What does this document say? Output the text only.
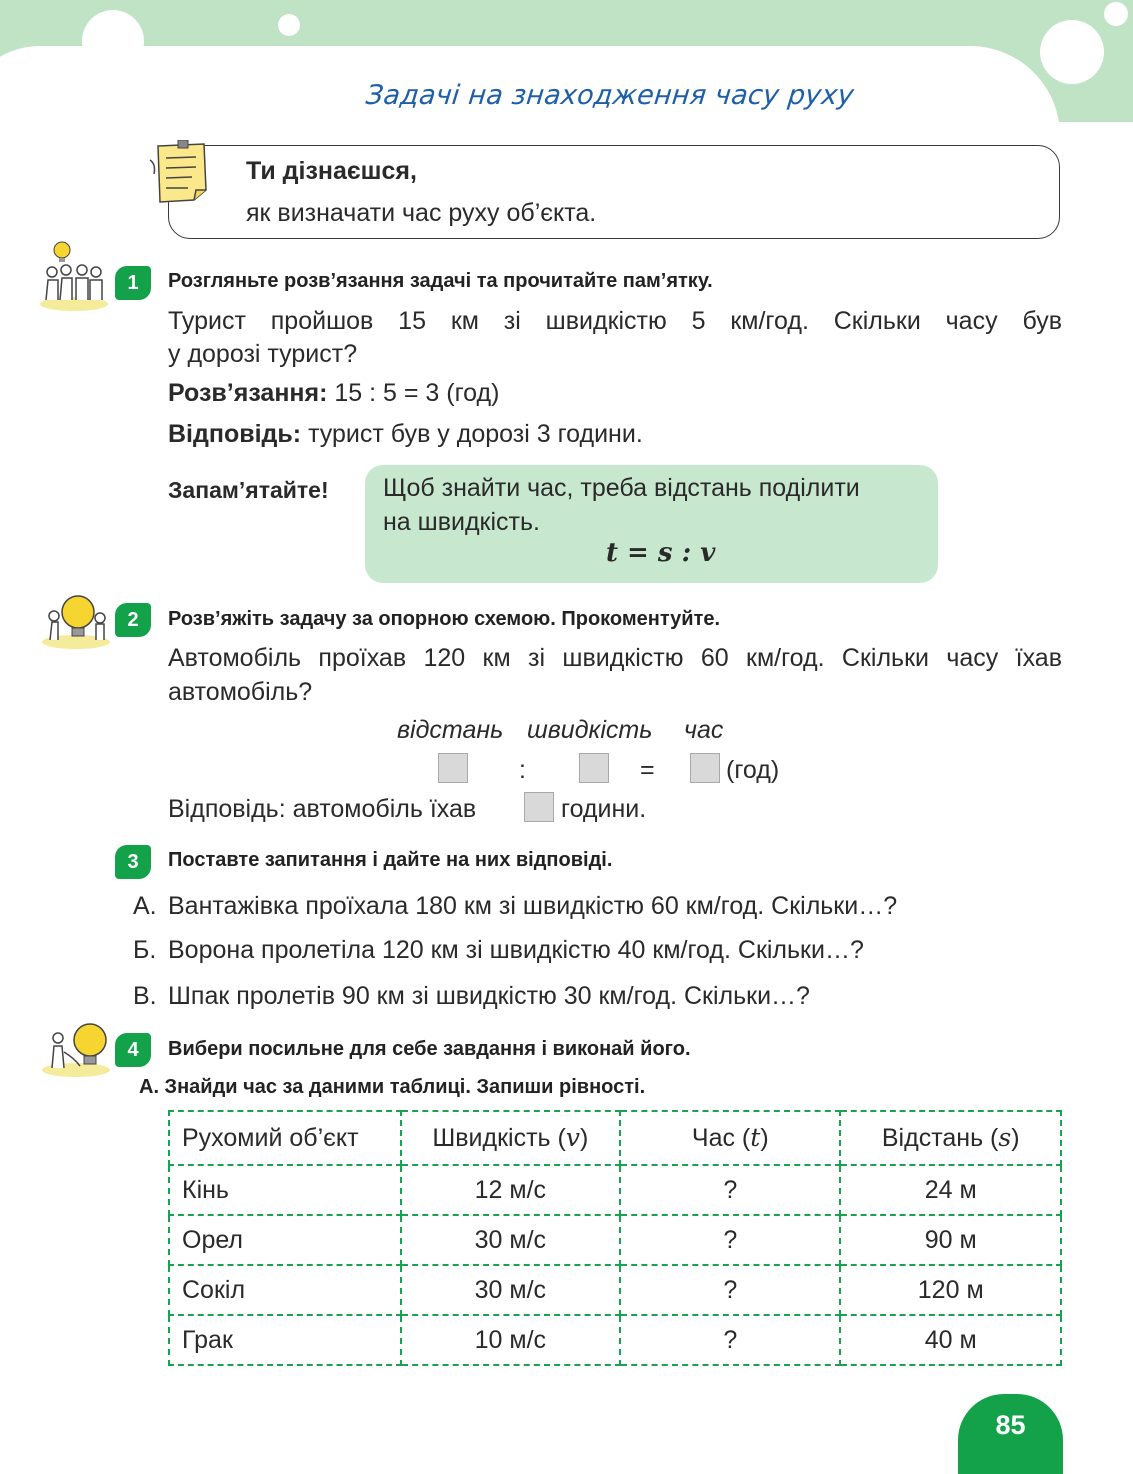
Задачі на знаходження часу руху
Ти дізнаєшся,
як визначати час руху об’єкта.
1	Розгляньте розв’язання задачі та прочитайте пам’ятку.
Турист пройшов 15 км зі швидкістю 5 км/год. Скільки часу був
у дорозі турист?
Розв’язання: 15 : 5 = 3 (год)
Відповідь: турист був у дорозі 3 години.
Запам’ятайте! Щоб знайти час, треба відстань поділити
на швидкість.
t = s : v
2	Розв’яжіть задачу за опорною схемою. Прокоментуйте.
Автомобіль проїхав 120 км зі швидкістю 60 км/год. Скільки часу їхав
автомобіль?
відстань швидкість час
:	=	(год)
Відповідь: автомобіль їхав	години.
3	Поставте запитання і дайте на них відповіді.
А. Вантажівка проїхала 180 км зі швидкістю 60 км/год. Скільки…?
Б. Ворона пролетіла 120 км зі швидкістю 40 км/год. Скільки…?
В. Шпак пролетів 90 км зі швидкістю 30 км/год. Скільки…?
4	Вибери посильне для себе завдання і виконай його.
А. Знайди час за даними таблиці. Запиши рівності.
Рухомий об’єкт	Швидкість (v)	Час (t)	Відстань (s)
Кінь	12 м/с	?	24 м
Орел	30 м/с	?	90 м
Сокіл	30 м/с	?	120 м
Грак	10 м/с	?	40 м
85
